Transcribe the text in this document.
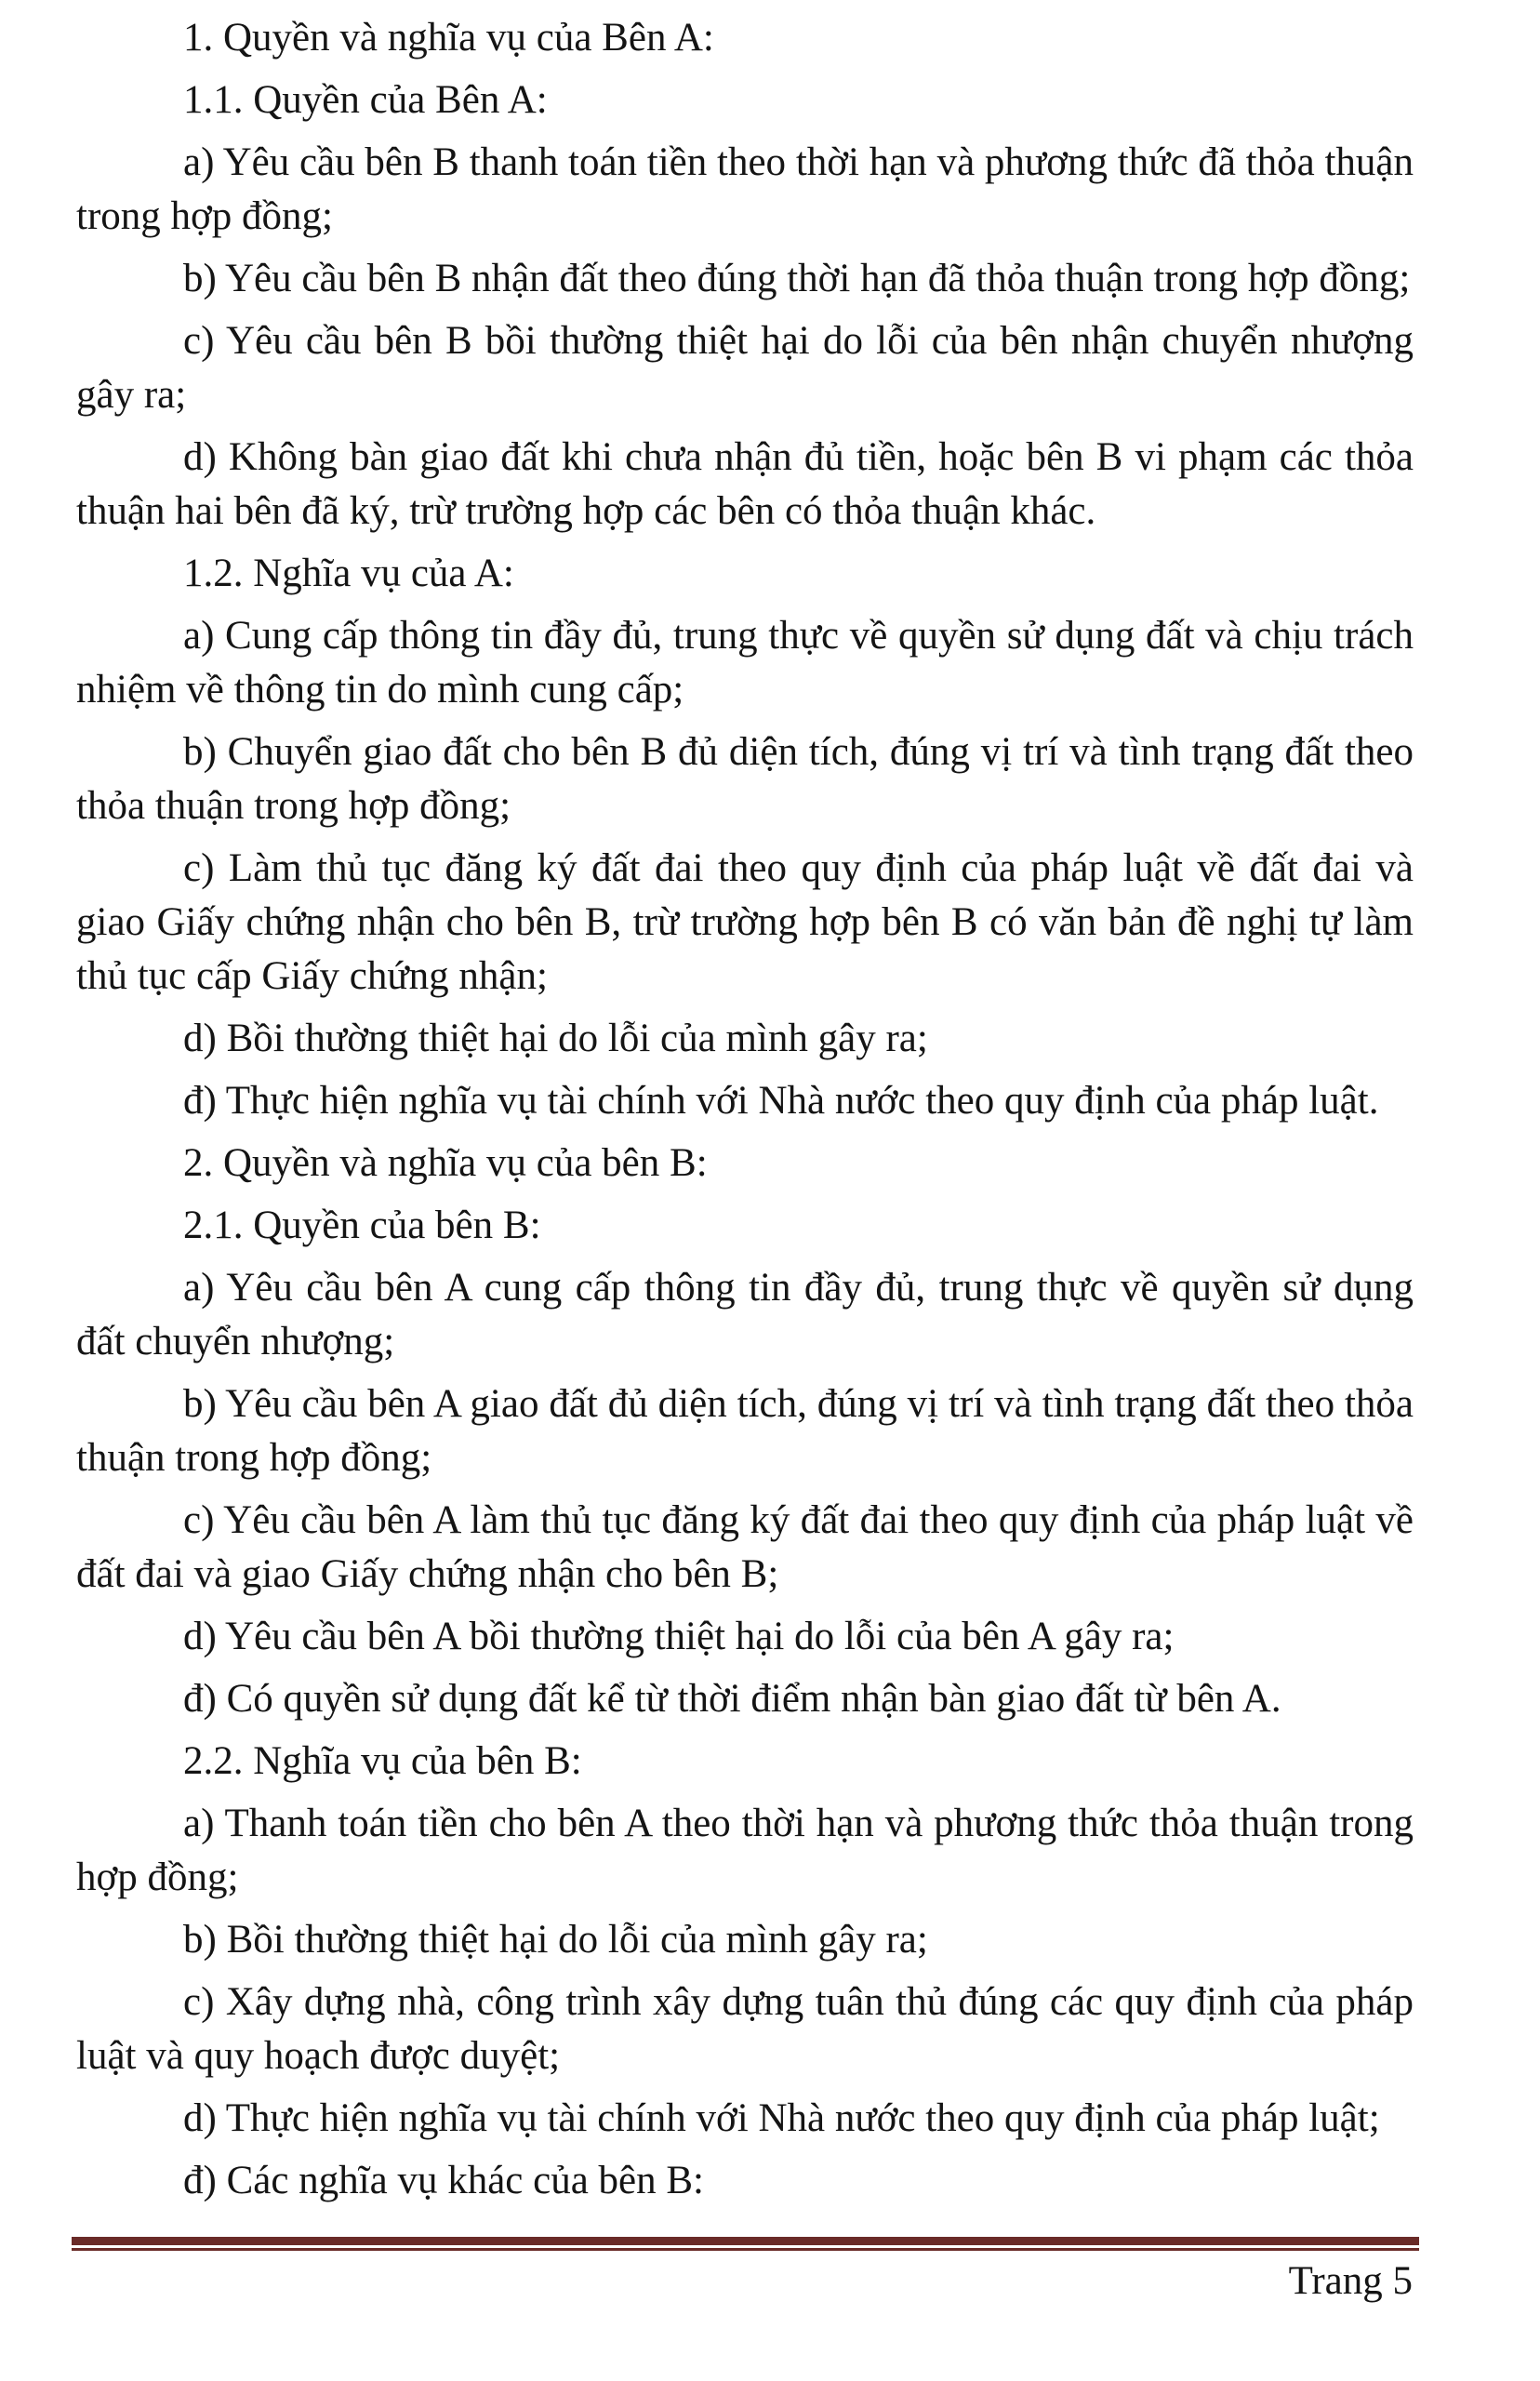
1. Quyền và nghĩa vụ của Bên A:

1.1. Quyền của Bên A:

a) Yêu cầu bên B thanh toán tiền theo thời hạn và phương thức đã thỏa thuận trong hợp đồng;

b) Yêu cầu bên B nhận đất theo đúng thời hạn đã thỏa thuận trong hợp đồng;

c) Yêu cầu bên B bồi thường thiệt hại do lỗi của bên nhận chuyển nhượng gây ra;

d) Không bàn giao đất khi chưa nhận đủ tiền, hoặc bên B vi phạm các thỏa thuận hai bên đã ký, trừ trường hợp các bên có thỏa thuận khác.

1.2. Nghĩa vụ của A:

a) Cung cấp thông tin đầy đủ, trung thực về quyền sử dụng đất và chịu trách nhiệm về thông tin do mình cung cấp;

b) Chuyển giao đất cho bên B đủ diện tích, đúng vị trí và tình trạng đất theo thỏa thuận trong hợp đồng;

c) Làm thủ tục đăng ký đất đai theo quy định của pháp luật về đất đai và giao Giấy chứng nhận cho bên B, trừ trường hợp bên B có văn bản đề nghị tự làm thủ tục cấp Giấy chứng nhận;

d) Bồi thường thiệt hại do lỗi của mình gây ra;

đ) Thực hiện nghĩa vụ tài chính với Nhà nước theo quy định của pháp luật.

2. Quyền và nghĩa vụ của bên B:

2.1. Quyền của bên B:

a) Yêu cầu bên A cung cấp thông tin đầy đủ, trung thực về quyền sử dụng đất chuyển nhượng;

b) Yêu cầu bên A giao đất đủ diện tích, đúng vị trí và tình trạng đất theo thỏa thuận trong hợp đồng;

c) Yêu cầu bên A làm thủ tục đăng ký đất đai theo quy định của pháp luật về đất đai và giao Giấy chứng nhận cho bên B;

d) Yêu cầu bên A bồi thường thiệt hại do lỗi của bên A gây ra;

đ) Có quyền sử dụng đất kể từ thời điểm nhận bàn giao đất từ bên A.

2.2. Nghĩa vụ của bên B:

a) Thanh toán tiền cho bên A theo thời hạn và phương thức thỏa thuận trong hợp đồng;

b) Bồi thường thiệt hại do lỗi của mình gây ra;

c) Xây dựng nhà, công trình xây dựng tuân thủ đúng các quy định của pháp luật và quy hoạch được duyệt;

d) Thực hiện nghĩa vụ tài chính với Nhà nước theo quy định của pháp luật;

đ) Các nghĩa vụ khác của bên B:

Trang 5
